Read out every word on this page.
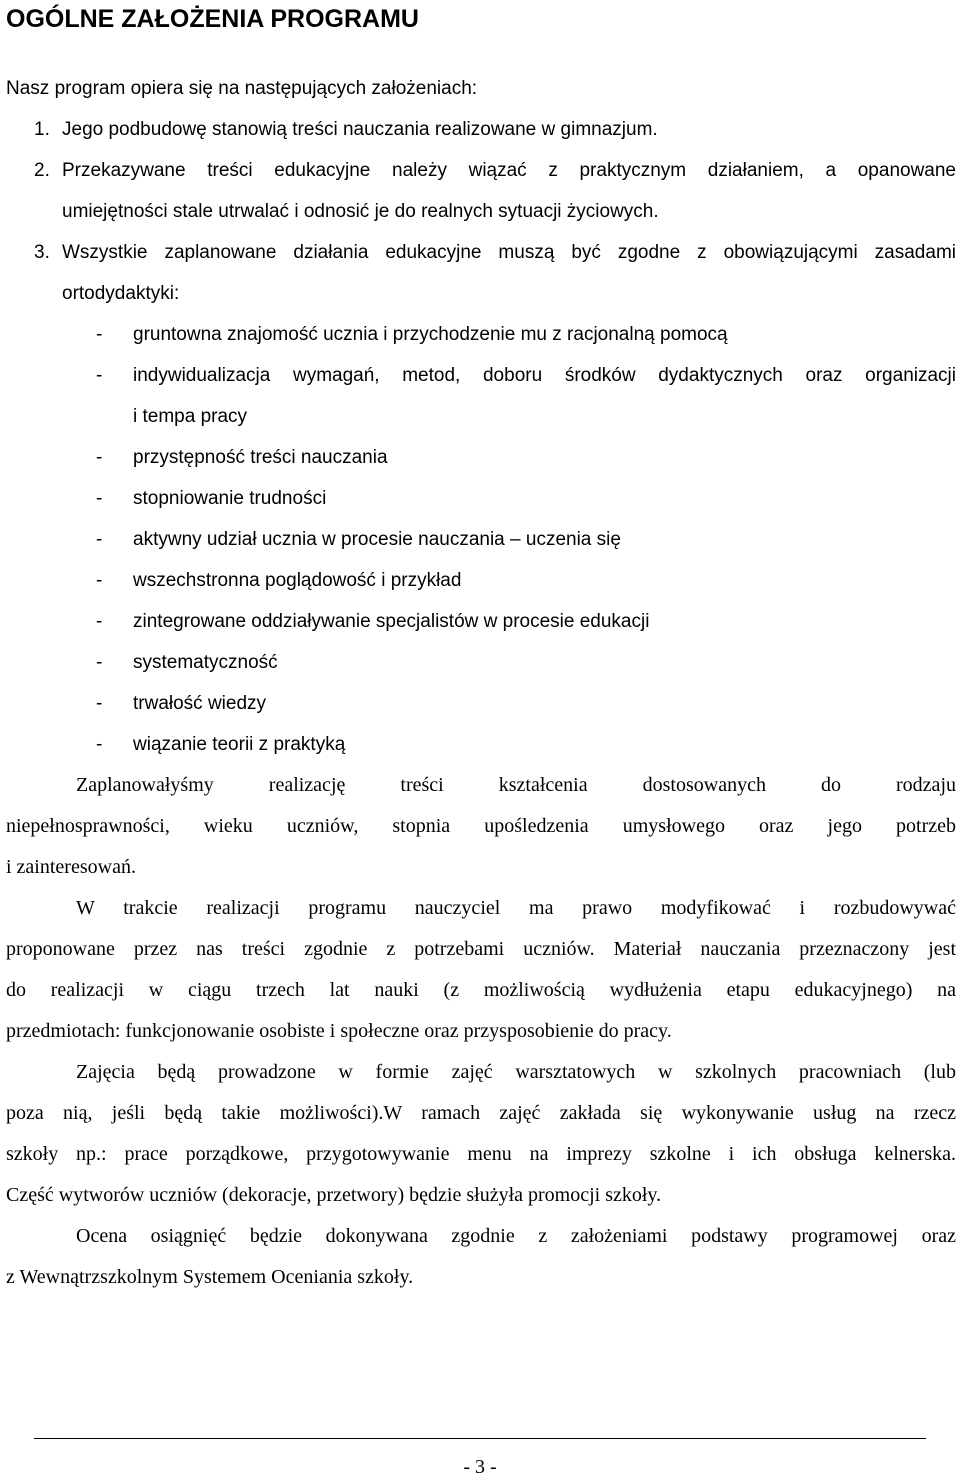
OGÓLNE ZAŁOŻENIA PROGRAMU
Nasz program opiera się na następujących założeniach:
1. Jego podbudowę stanowią treści nauczania realizowane w gimnazjum.
2. Przekazywane treści edukacyjne należy wiązać z praktycznym działaniem, a opanowane
umiejętności stale utrwalać i odnosić je do realnych sytuacji życiowych.
3. Wszystkie zaplanowane działania edukacyjne muszą być zgodne z obowiązującymi zasadami
ortodydaktyki:
- gruntowna znajomość ucznia i przychodzenie mu z racjonalną pomocą
- indywidualizacja wymagań, metod, doboru środków dydaktycznych oraz organizacji
i tempa pracy
- przystępność treści nauczania
- stopniowanie trudności
- aktywny udział ucznia w procesie nauczania – uczenia się
- wszechstronna poglądowość i przykład
- zintegrowane oddziaływanie specjalistów w procesie edukacji
- systematyczność
- trwałość wiedzy
- wiązanie teorii z praktyką
Zaplanowałyśmy realizację treści kształcenia dostosowanych do rodzaju
niepełnosprawności, wieku uczniów, stopnia upośledzenia umysłowego oraz jego potrzeb
i zainteresowań.
W trakcie realizacji programu nauczyciel ma prawo modyfikować i rozbudowywać
proponowane przez nas treści zgodnie z potrzebami uczniów. Materiał nauczania przeznaczony jest
do realizacji w ciągu trzech lat nauki (z możliwością wydłużenia etapu edukacyjnego) na
przedmiotach: funkcjonowanie osobiste i społeczne oraz przysposobienie do pracy.
Zajęcia będą prowadzone w formie zajęć warsztatowych w szkolnych pracowniach (lub
poza nią, jeśli będą takie możliwości).W ramach zajęć zakłada się wykonywanie usług na rzecz
szkoły np.: prace porządkowe, przygotowywanie menu na imprezy szkolne i ich obsługa kelnerska.
Część wytworów uczniów (dekoracje, przetwory) będzie służyła promocji szkoły.
Ocena osiągnięć będzie dokonywana zgodnie z założeniami podstawy programowej oraz
z Wewnątrzszkolnym Systemem Oceniania szkoły.
- 3 -
